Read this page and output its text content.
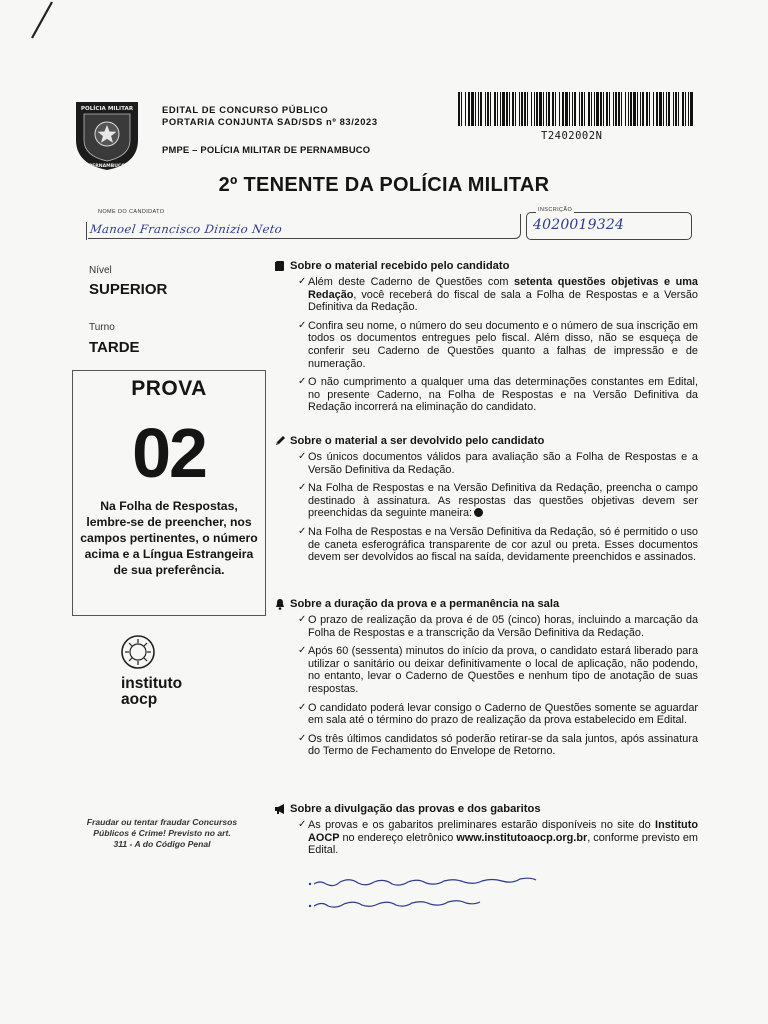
POLÍCIA MILITAR
PERNAMBUCO
EDITAL DE CONCURSO PÚBLICO
PORTARIA CONJUNTA SAD/SDS nº 83/2023
PMPE – POLÍCIA MILITAR DE PERNAMBUCO
T2402002N
2º TENENTE DA POLÍCIA MILITAR
NOME DO CANDIDATO
Manoel Francisco Dinizio Neto
INSCRIÇÃO
4020019324
Nível
SUPERIOR
Turno
TARDE
PROVA
02
Na Folha de Respostas, lembre-se de preencher, nos campos pertinentes, o número acima e a Língua Estrangeira de sua preferência.
instituto
aocp
Fraudar ou tentar fraudar Concursos Públicos é Crime! Previsto no art. 311 - A do Código Penal
Sobre o material recebido pelo candidato
✓ Além deste Caderno de Questões com setenta questões objetivas e uma Redação, você receberá do fiscal de sala a Folha de Respostas e a Versão Definitiva da Redação.
✓ Confira seu nome, o número do seu documento e o número de sua inscrição em todos os documentos entregues pelo fiscal. Além disso, não se esqueça de conferir seu Caderno de Questões quanto a falhas de impressão e de numeração.
✓ O não cumprimento a qualquer uma das determinações constantes em Edital, no presente Caderno, na Folha de Respostas e na Versão Definitiva da Redação incorrerá na eliminação do candidato.
Sobre o material a ser devolvido pelo candidato
✓ Os únicos documentos válidos para avaliação são a Folha de Respostas e a Versão Definitiva da Redação.
✓ Na Folha de Respostas e na Versão Definitiva da Redação, preencha o campo destinado à assinatura. As respostas das questões objetivas devem ser preenchidas da seguinte maneira:
✓ Na Folha de Respostas e na Versão Definitiva da Redação, só é permitido o uso de caneta esferográfica transparente de cor azul ou preta. Esses documentos devem ser devolvidos ao fiscal na saída, devidamente preenchidos e assinados.
Sobre a duração da prova e a permanência na sala
✓ O prazo de realização da prova é de 05 (cinco) horas, incluindo a marcação da Folha de Respostas e a transcrição da Versão Definitiva da Redação.
✓ Após 60 (sessenta) minutos do início da prova, o candidato estará liberado para utilizar o sanitário ou deixar definitivamente o local de aplicação, não podendo, no entanto, levar o Caderno de Questões e nenhum tipo de anotação de suas respostas.
✓ O candidato poderá levar consigo o Caderno de Questões somente se aguardar em sala até o término do prazo de realização da prova estabelecido em Edital.
✓ Os três últimos candidatos só poderão retirar-se da sala juntos, após assinatura do Termo de Fechamento do Envelope de Retorno.
Sobre a divulgação das provas e dos gabaritos
✓ As provas e os gabaritos preliminares estarão disponíveis no site do Instituto AOCP no endereço eletrônico www.institutoaocp.org.br, conforme previsto em Edital.
